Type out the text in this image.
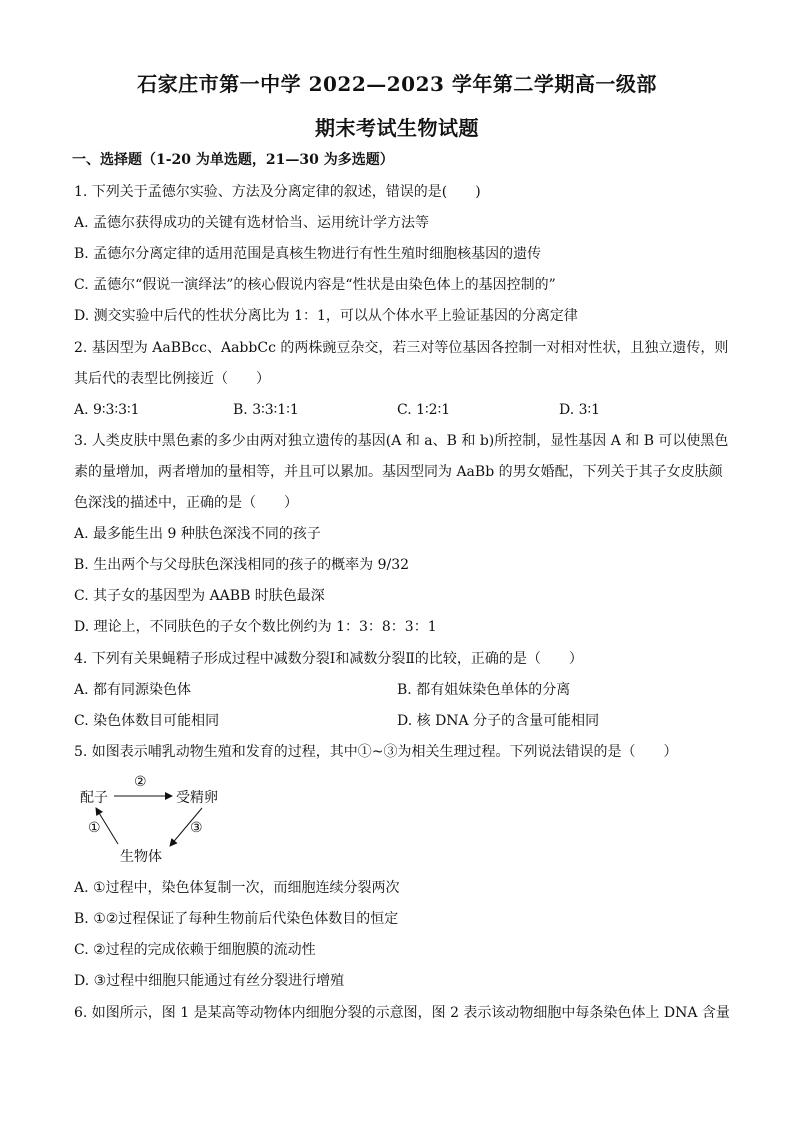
石家庄市第一中学 2022—2023 学年第二学期高一级部
期末考试生物试题
一、选择题（1-20 为单选题，21—30 为多选题）
1. 下列关于孟德尔实验、方法及分离定律的叙述，错误的是(　　)
A. 孟德尔获得成功的关键有选材恰当、运用统计学方法等
B. 孟德尔分离定律的适用范围是真核生物进行有性生殖时细胞核基因的遗传
C. 孟德尔“假说一演绎法”的核心假说内容是“性状是由染色体上的基因控制的”
D. 测交实验中后代的性状分离比为 1：1，可以从个体水平上验证基因的分离定律
2. 基因型为 AaBBcc、AabbCc 的两株豌豆杂交，若三对等位基因各控制一对相对性状，且独立遗传，则
其后代的表型比例接近（　　）
A. 9∶3∶3∶1	B. 3∶3∶1∶1	C. 1∶2∶1	D. 3∶1
3. 人类皮肤中黑色素的多少由两对独立遗传的基因(A 和 a、B 和 b)所控制，显性基因 A 和 B 可以使黑色
素的量增加，两者增加的量相等，并且可以累加。基因型同为 AaBb 的男女婚配，下列关于其子女皮肤颜
色深浅的描述中，正确的是（　　）
A. 最多能生出 9 种肤色深浅不同的孩子
B. 生出两个与父母肤色深浅相同的孩子的概率为 9/32
C. 其子女的基因型为 AABB 时肤色最深
D. 理论上，不同肤色的子女个数比例约为 1：3：8：3：1
4. 下列有关果蝇精子形成过程中减数分裂Ⅰ和减数分裂Ⅱ的比较，正确的是（　　）
A. 都有同源染色体	B. 都有姐妹染色单体的分离
C. 染色体数目可能相同	D. 核 DNA 分子的含量可能相同
5. 如图表示哺乳动物生殖和发育的过程，其中①~③为相关生理过程。下列说法错误的是（　　）
配子	受精卵
生物体
②
①	③
A. ①过程中，染色体复制一次，而细胞连续分裂两次
B. ①②过程保证了每种生物前后代染色体数目的恒定
C. ②过程的完成依赖于细胞膜的流动性
D. ③过程中细胞只能通过有丝分裂进行增殖
6. 如图所示，图 1 是某高等动物体内细胞分裂的示意图，图 2 表示该动物细胞中每条染色体上 DNA 含量
